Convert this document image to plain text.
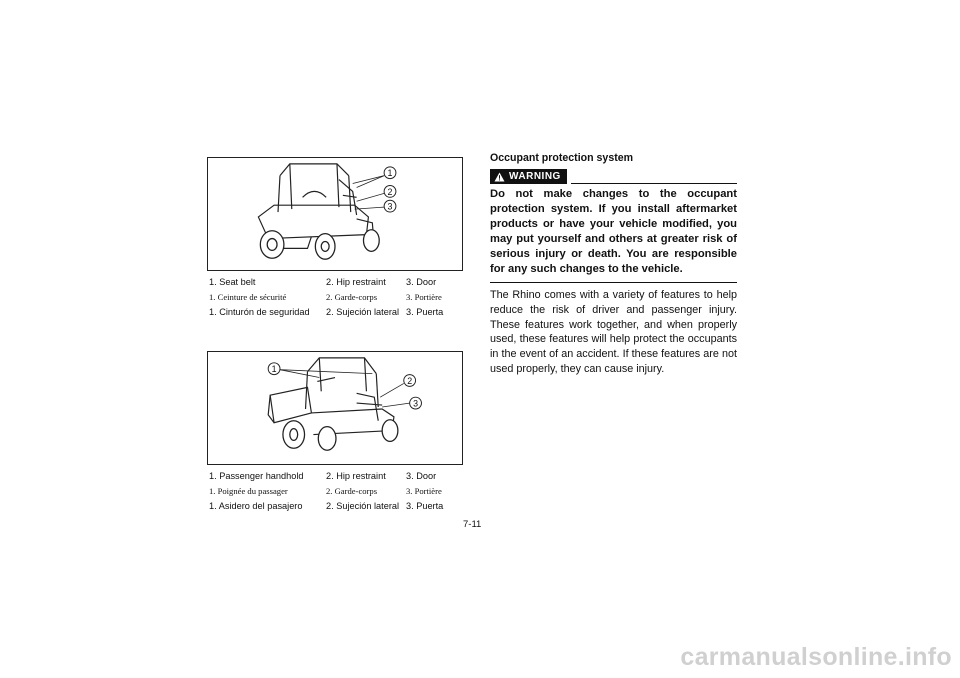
1
2
3
1. Seat belt	2. Hip restraint	3. Door
1. Ceinture de sécurité	2. Garde-corps	3. Portière
1. Cinturón de seguridad	2. Sujeción lateral 3. Puerta
1
2
3
1. Passenger handhold	2. Hip restraint	3. Door
1. Poignée du passager	2. Garde-corps	3. Portière
1. Asidero del pasajero	2. Sujeción lateral 3. Puerta
Occupant protection system
WARNING
Do not make changes to the occupant protection system. If you install aftermarket products or have your vehicle modified, you may put yourself and others at greater risk of serious injury or death. You are responsible for any such changes to the vehicle.
The Rhino comes with a variety of features to help reduce the risk of driver and passenger injury. These features work together, and when properly used, these features will help protect the occupants in the event of an accident. If these features are not used properly, they can cause injury.
7-11
carmanualsonline.info
